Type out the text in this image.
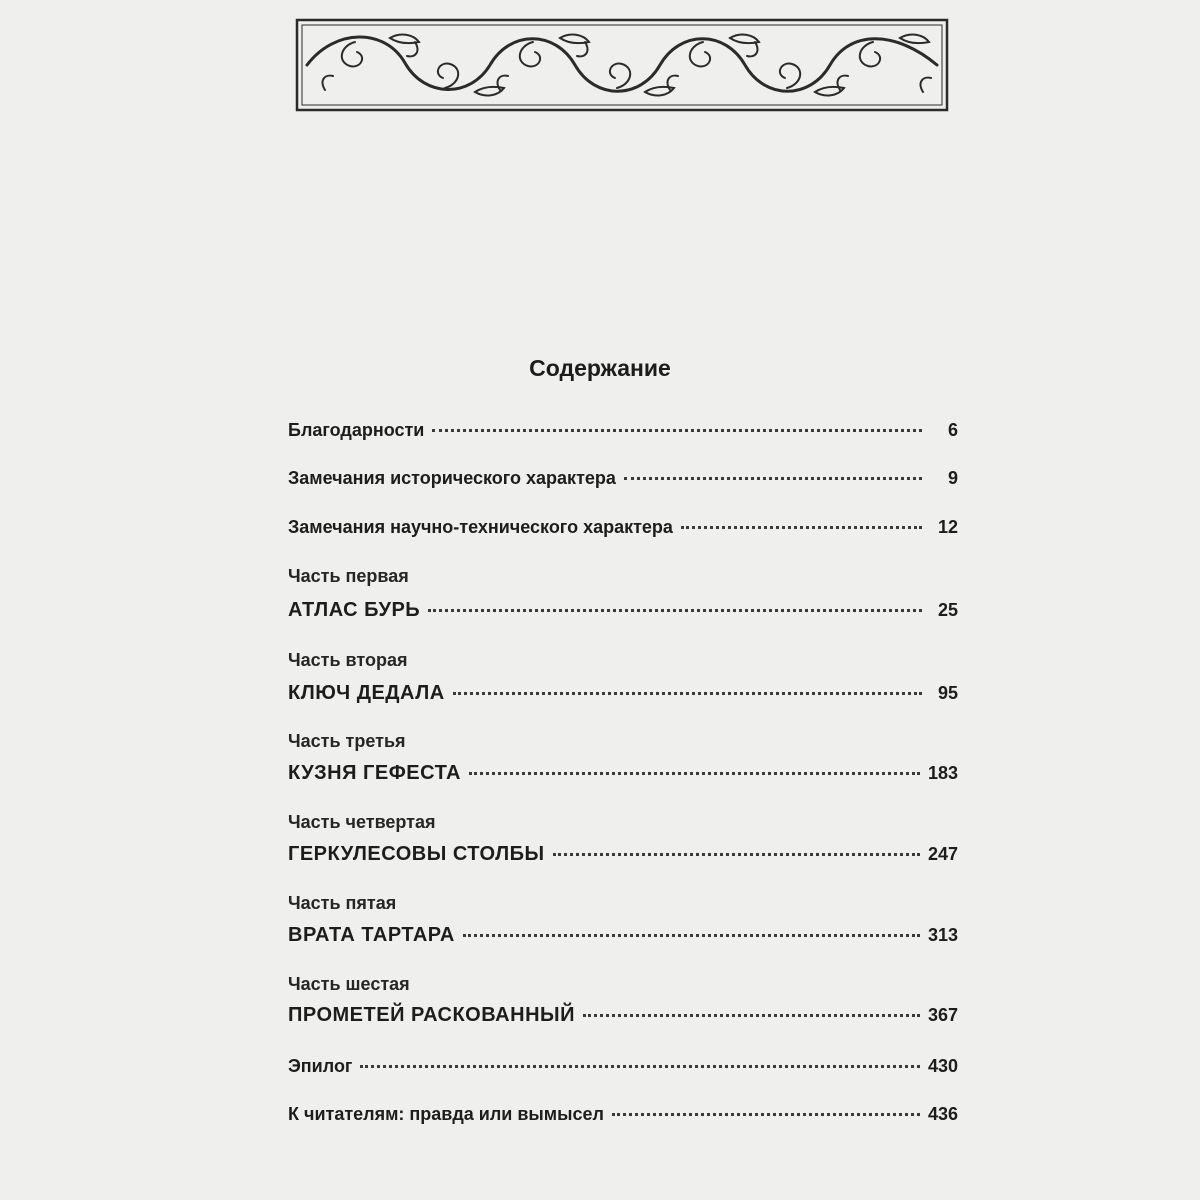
Содержание
Благодарности	6
Замечания исторического характера	9
Замечания научно-технического характера	12
Часть первая
АТЛАС БУРЬ	25
Часть вторая
КЛЮЧ ДЕДАЛА	95
Часть третья
КУЗНЯ ГЕФЕСТА	183
Часть четвертая
ГЕРКУЛЕСОВЫ СТОЛБЫ	247
Часть пятая
ВРАТА ТАРТАРА	313
Часть шестая
ПРОМЕТЕЙ РАСКОВАННЫЙ	367
Эпилог	430
К читателям: правда или вымысел	436
